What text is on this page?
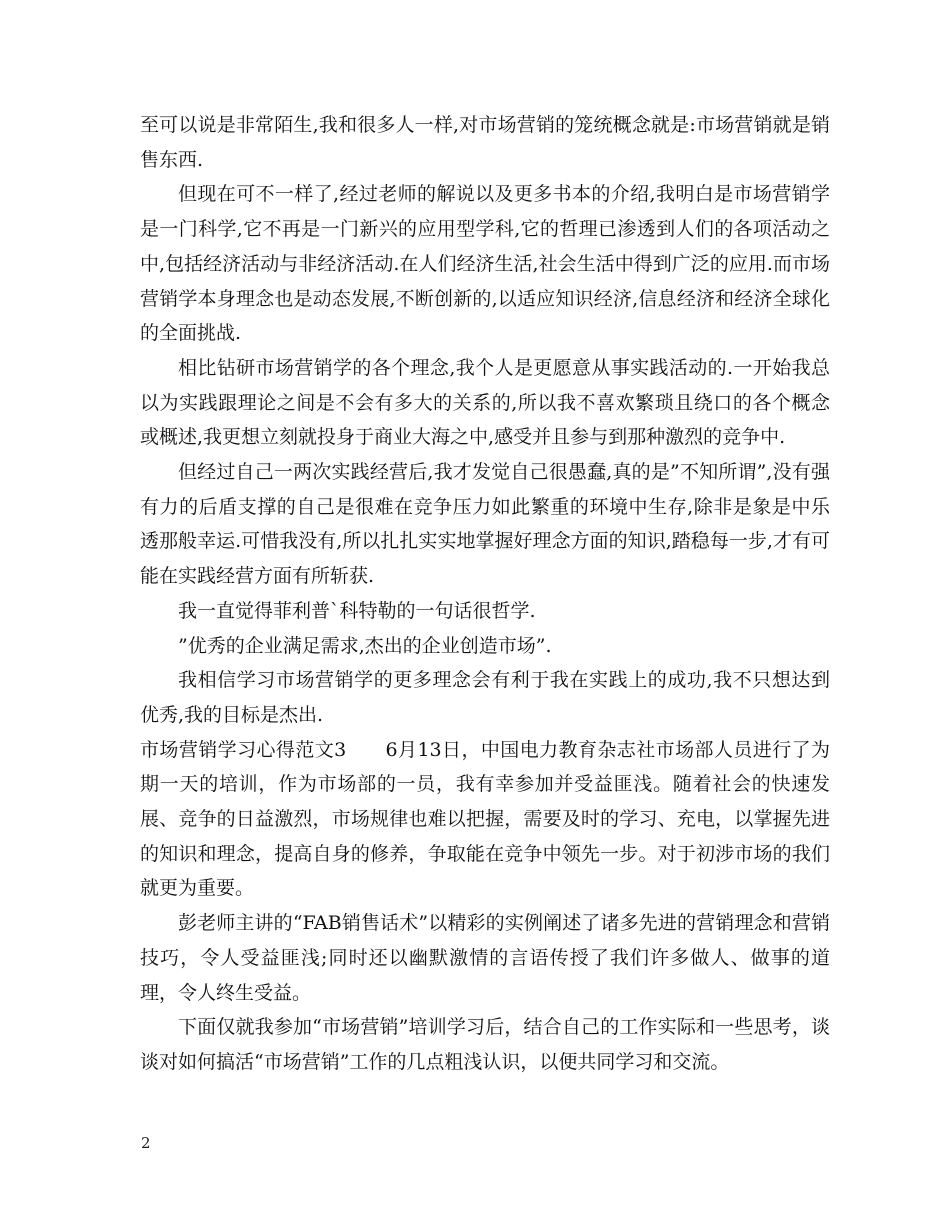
至可以说是非常陌生,我和很多人一样,对市场营销的笼统概念就是:市场营销就是销售东西.

但现在可不一样了,经过老师的解说以及更多书本的介绍,我明白是市场营销学是一门科学,它不再是一门新兴的应用型学科,它的哲理已渗透到人们的各项活动之中,包括经济活动与非经济活动.在人们经济生活,社会生活中得到广泛的应用.而市场营销学本身理念也是动态发展,不断创新的,以适应知识经济,信息经济和经济全球化的全面挑战.

相比钻研市场营销学的各个理念,我个人是更愿意从事实践活动的.一开始我总以为实践跟理论之间是不会有多大的关系的,所以我不喜欢繁琐且绕口的各个概念或概述,我更想立刻就投身于商业大海之中,感受并且参与到那种激烈的竞争中.

但经过自己一两次实践经营后,我才发觉自己很愚蠢,真的是”不知所谓”,没有强有力的后盾支撑的自己是很难在竞争压力如此繁重的环境中生存,除非是象是中乐透那般幸运.可惜我没有,所以扎扎实实地掌握好理念方面的知识,踏稳每一步,才有可能在实践经营方面有所斩获.

我一直觉得菲利普`科特勒的一句话很哲学.

”优秀的企业满足需求,杰出的企业创造市场”.

我相信学习市场营销学的更多理念会有利于我在实践上的成功,我不只想达到优秀,我的目标是杰出.

市场营销学习心得范文3　　6月13日，中国电力教育杂志社市场部人员进行了为期一天的培训，作为市场部的一员，我有幸参加并受益匪浅。随着社会的快速发展、竞争的日益激烈，市场规律也难以把握，需要及时的学习、充电，以掌握先进的知识和理念，提高自身的修养，争取能在竞争中领先一步。对于初涉市场的我们就更为重要。

彭老师主讲的“FAB销售话术”以精彩的实例阐述了诸多先进的营销理念和营销技巧，令人受益匪浅;同时还以幽默激情的言语传授了我们许多做人、做事的道理，令人终生受益。

下面仅就我参加“市场营销”培训学习后，结合自己的工作实际和一些思考，谈谈对如何搞活“市场营销”工作的几点粗浅认识，以便共同学习和交流。

2
